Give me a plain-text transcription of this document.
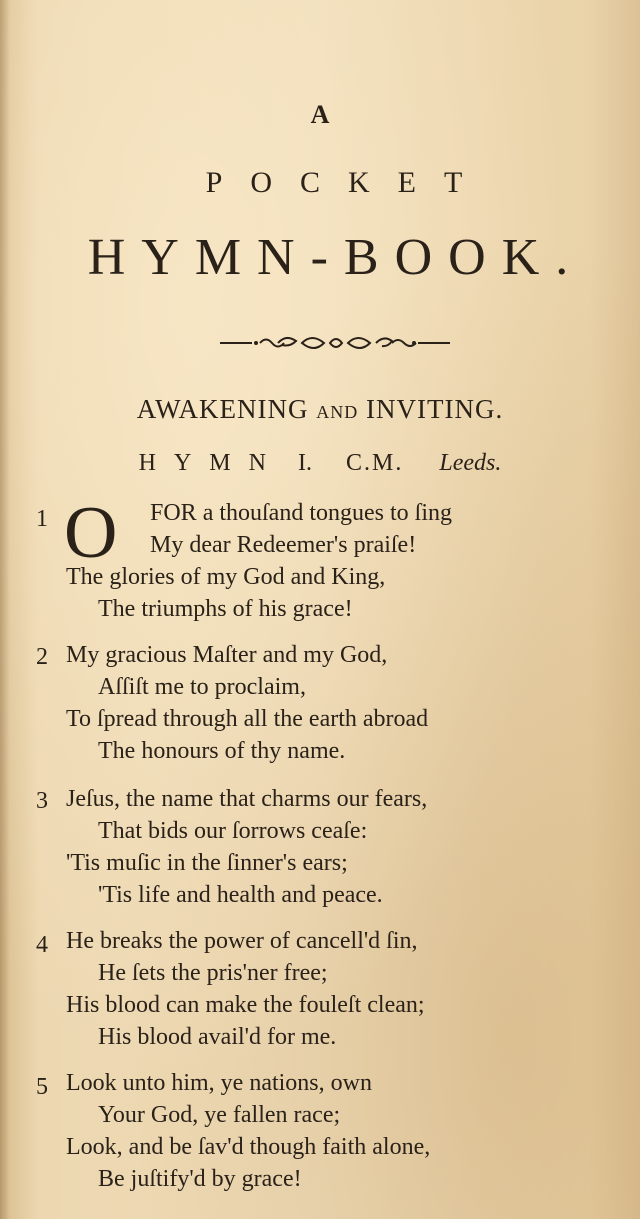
A
POCKET
HYMN-BOOK.
AWAKENING AND INVITING.
HYMN I. C.M. Leeds.
1 O FOR a thouſand tongues to ſing
My dear Redeemer's praiſe!
The glories of my God and King,
The triumphs of his grace!
2 My gracious Maſter and my God,
Aſſiſt me to proclaim,
To ſpread through all the earth abroad
The honours of thy name.
3 Jeſus, the name that charms our fears,
That bids our ſorrows ceaſe:
'Tis muſic in the ſinner's ears;
'Tis life and health and peace.
4 He breaks the power of cancell'd ſin,
He ſets the pris'ner free;
His blood can make the fouleſt clean;
His blood avail'd for me.
5 Look unto him, ye nations, own
Your God, ye fallen race;
Look, and be ſav'd though faith alone,
Be juſtify'd by grace!
